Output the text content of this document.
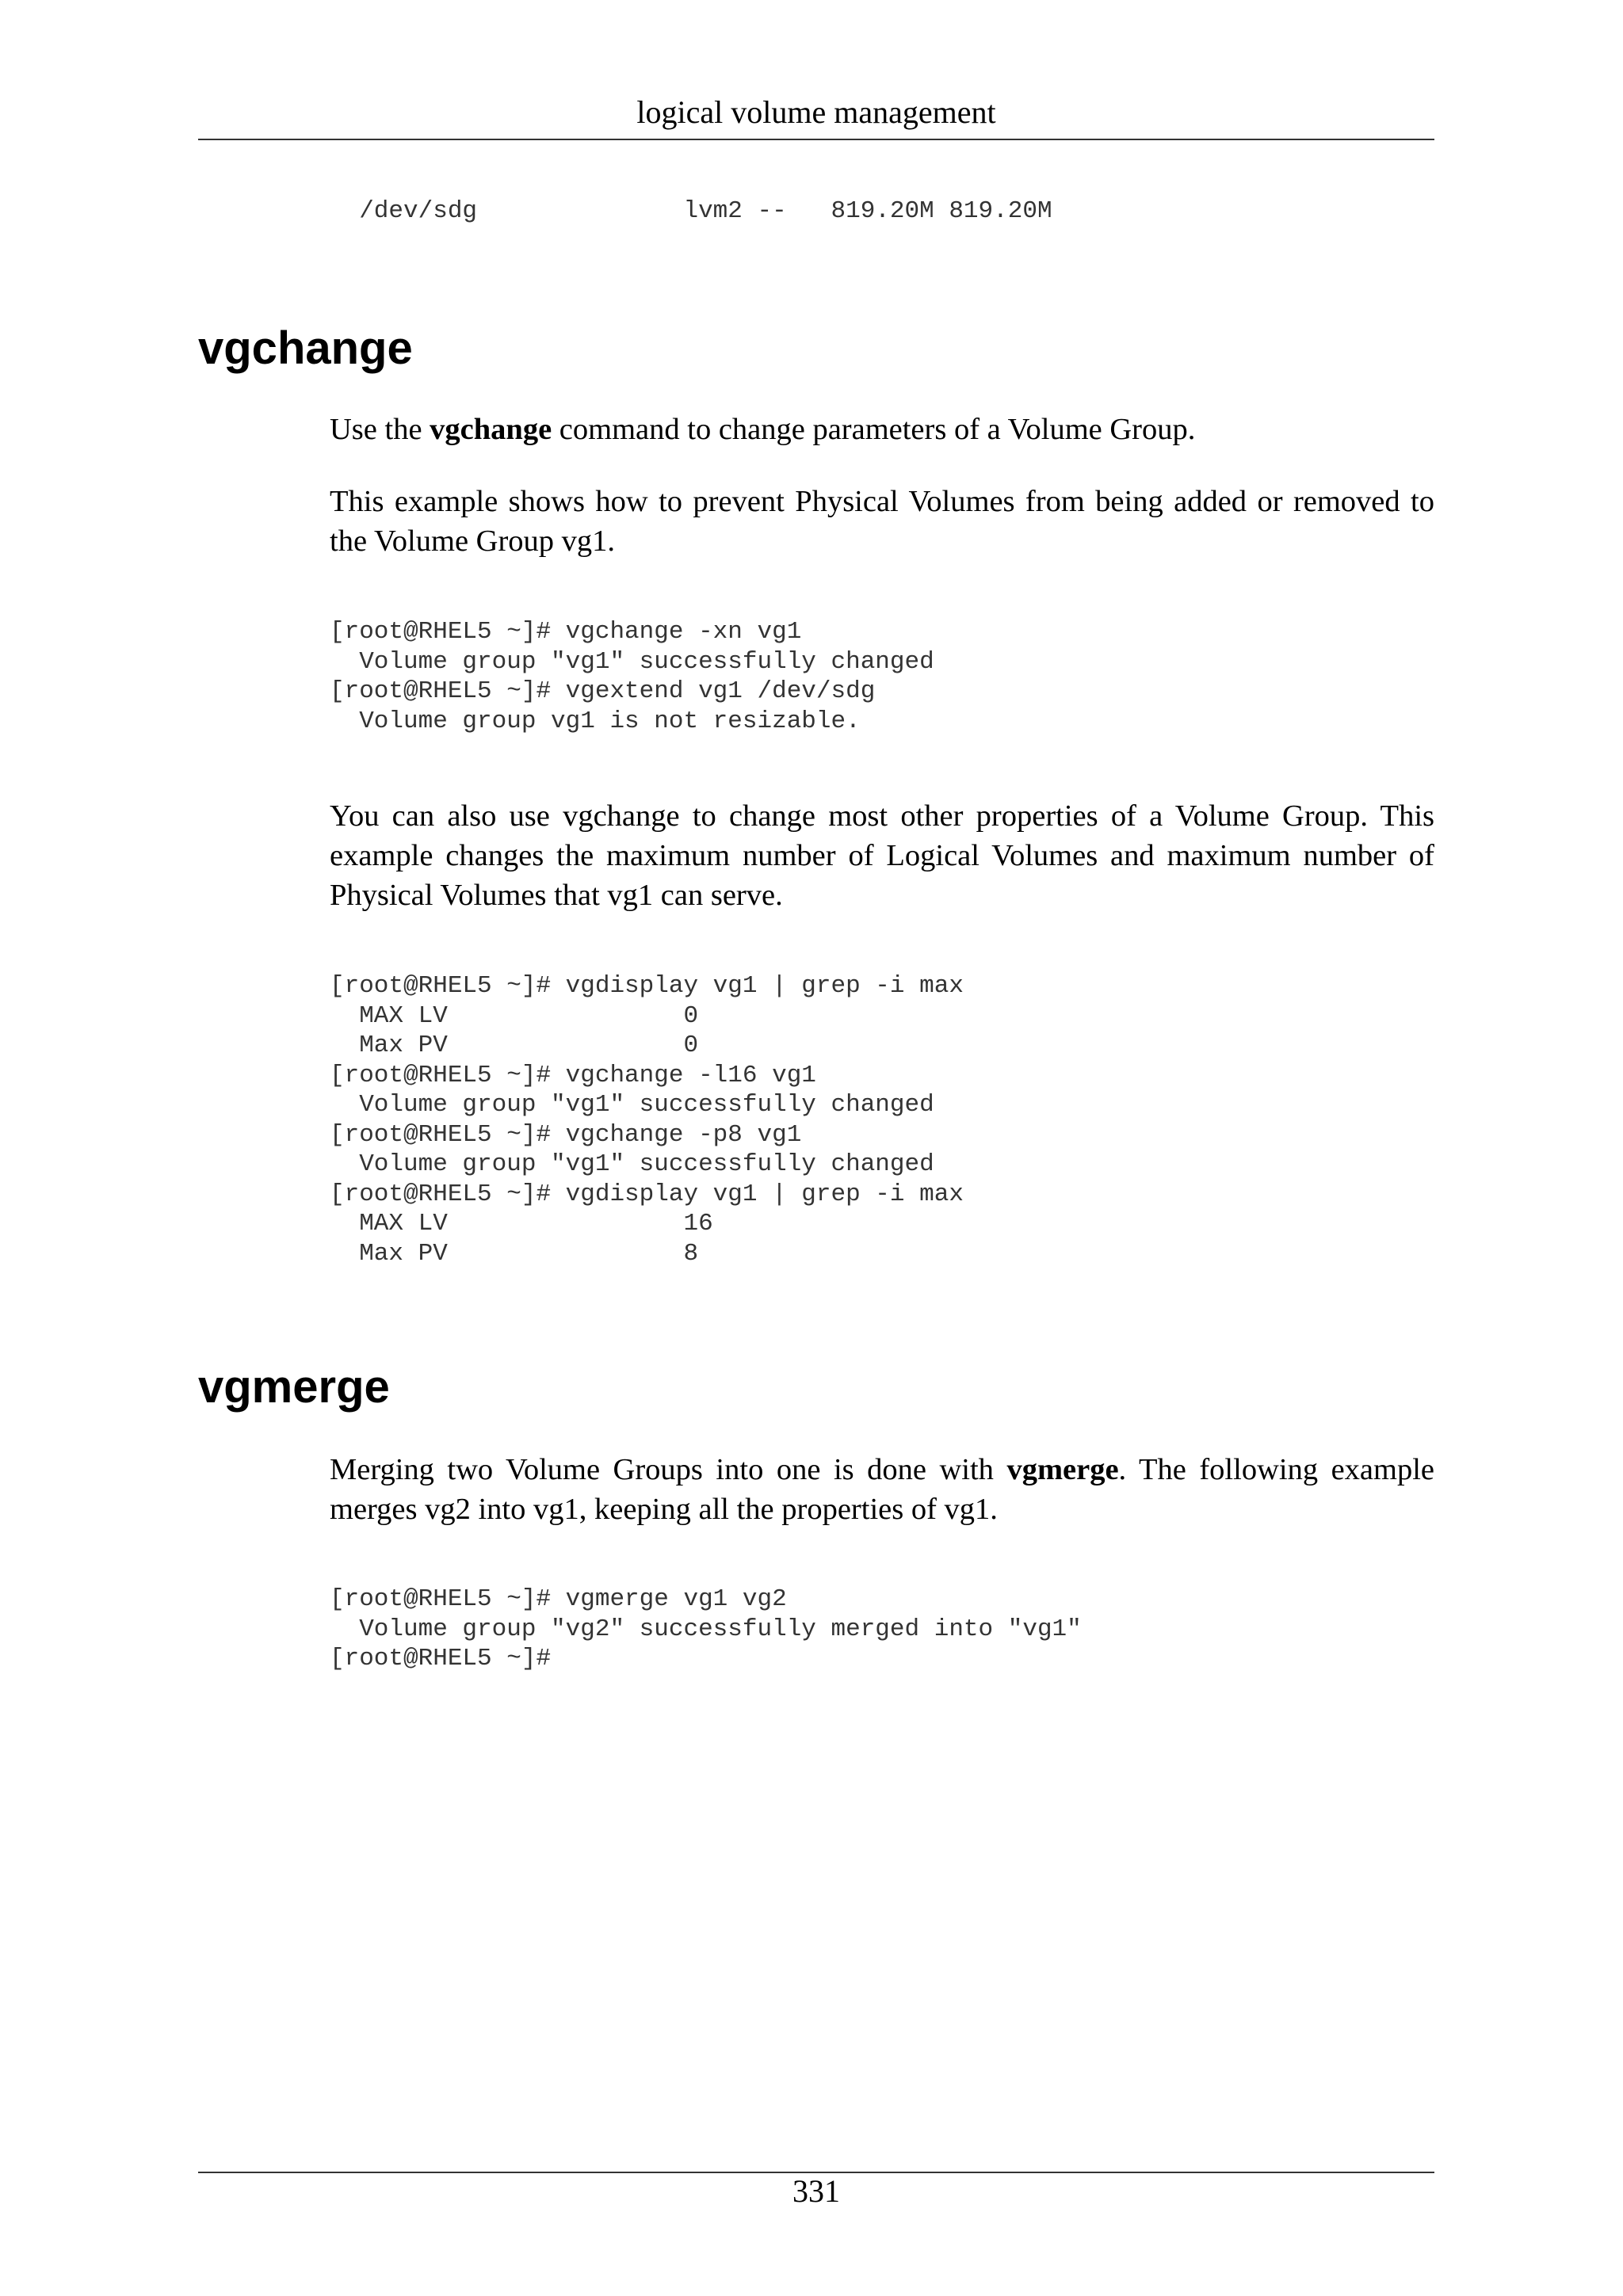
logical volume management
/dev/sdg              lvm2 --   819.20M 819.20M
vgchange

Use the vgchange command to change parameters of a Volume Group.

This example shows how to prevent Physical Volumes from being added or removed to the Volume Group vg1.

[root@RHEL5 ~]# vgchange -xn vg1
Volume group "vg1" successfully changed
[root@RHEL5 ~]# vgextend vg1 /dev/sdg
Volume group vg1 is not resizable.

You can also use vgchange to change most other properties of a Volume Group. This example changes the maximum number of Logical Volumes and maximum number of Physical Volumes that vg1 can serve.

[root@RHEL5 ~]# vgdisplay vg1 | grep -i max
MAX LV                0
Max PV                0
[root@RHEL5 ~]# vgchange -l16 vg1
Volume group "vg1" successfully changed
[root@RHEL5 ~]# vgchange -p8 vg1
Volume group "vg1" successfully changed
[root@RHEL5 ~]# vgdisplay vg1 | grep -i max
MAX LV                16
Max PV                8
vgmerge

Merging two Volume Groups into one is done with vgmerge. The following example merges vg2 into vg1, keeping all the properties of vg1.

[root@RHEL5 ~]# vgmerge vg1 vg2
Volume group "vg2" successfully merged into "vg1"
[root@RHEL5 ~]#
331
